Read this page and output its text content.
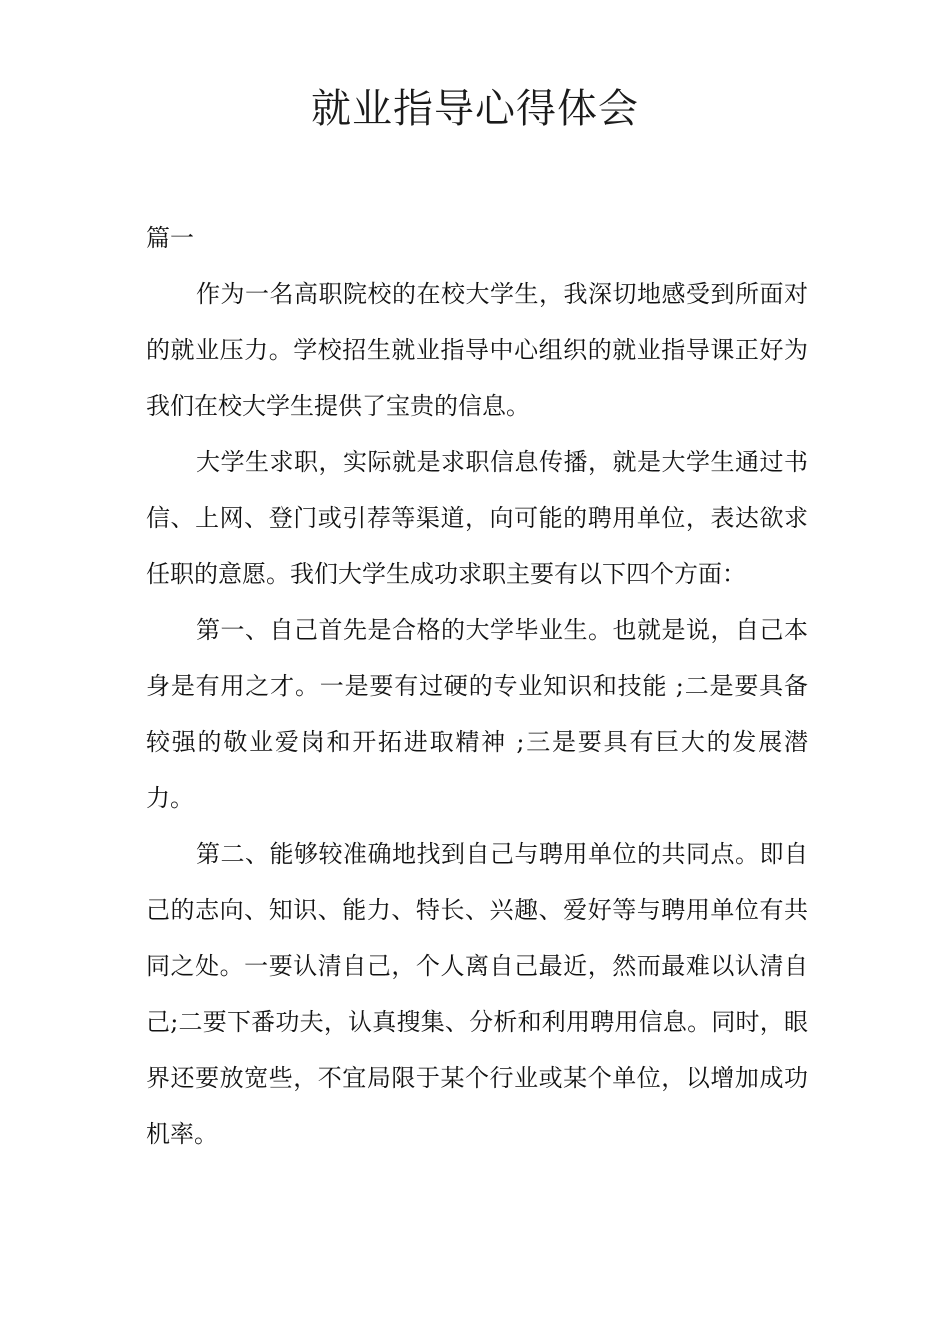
就业指导心得体会
篇一

作为一名高职院校的在校大学生，我深切地感受到所面对的就业压力。学校招生就业指导中心组织的就业指导课正好为我们在校大学生提供了宝贵的信息。

大学生求职，实际就是求职信息传播，就是大学生通过书信、上网、登门或引荐等渠道，向可能的聘用单位，表达欲求任职的意愿。我们大学生成功求职主要有以下四个方面：

第一、自己首先是合格的大学毕业生。也就是说，自己本身是有用之才。一是要有过硬的专业知识和技能 ;二是要具备较强的敬业爱岗和开拓进取精神 ;三是要具有巨大的发展潜力。

第二、能够较准确地找到自己与聘用单位的共同点。即自己的志向、知识、能力、特长、兴趣、爱好等与聘用单位有共同之处。一要认清自己，个人离自己最近，然而最难以认清自己;二要下番功夫，认真搜集、分析和利用聘用信息。同时，眼界还要放宽些，不宜局限于某个行业或某个单位，以增加成功机率。
